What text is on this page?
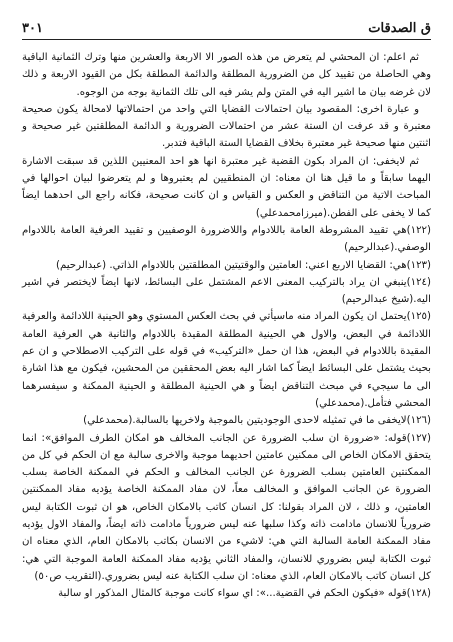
ق الصدقات
٣٠١

ثم اعلم: ان المحشي لم يتعرض من هذه الصور الا الاربعة والعشرين منها وترك الثمانية الباقية وهي الحاصلة من تقييد كل من الضرورية المطلقة والدائمة المطلقة بكل من القيود الاربعة و ذلك لان غرضه بيان ما اشير اليه في المتن ولم يشر فيه الى تلك الثمانية بوجه من الوجوه.

و عبارة اخرى: المقصود بيان احتمالات القضايا التي واحد من احتمالاتها لامحالة يكون صحيحة معتبرة و قد عرفت ان الستة عشر من احتمالات الضرورية و الدائمة المطلقتين غير صحيحة و اثنتين منها صحيحة غير معتبرة بخلاف القضايا الستة الباقية فتدبر.

ثم لايخفى: ان المراد بكون القضية غير معتبرة انها هو احد المعنيين اللذين قد سبقت الاشارة اليهما سابقاً و ما قيل هنا ان معناه: ان المنطقيين لم يعتبروها و لم يتعرضوا لبيان احوالها في المباحث الاتية من التناقض و العكس و القياس و ان كانت صحيحة، فكانه راجع الى احدهما ايضاً كما لا يخفى على الفطن.(ميرزامحمدعلي)

(١٢٢)هي تقييد المشروطة العامة باللادوام واللاضرورة الوصفيين و تقييد العرفية العامة باللادوام الوصفي.(عبدالرحيم)

(١٢٣)هي: القضايا الاربع اعني: العامتين والوقتيتين المطلقتين باللادوام الذاتي. (عبدالرحيم)

(١٢٤)ينبغي ان يراد بالتركيب المعنى الاعم المشتمل على البسائط، لانها ايضاً لايختصر في اشير اليه.(شيخ عبدالرحيم)

(١٢٥)يحتمل ان يكون المراد منه ماسيأتي في بحث العكس المستوي وهو الحينية اللادائمة والعرفية اللادائمة في البعض، والاول هي الحينية المطلقة المقيدة باللادوام والثانية هي العرفية العامة المقيدة باللادوام في البعض، هذا ان حمل «التركيب» في قوله على التركيب الاصطلاحي و ان عم بحيث يشتمل على البسائط ايضاً كما اشار اليه بعض المحققين من المحشين، فيكون مع هذا اشارة الى ما سيجيء في مبحث التناقض ايضاً و هي الحينية المطلقة و الحينية الممكنة و سيفسرهما المحشي فتأمل.(محمدعلي)

(١٢٦)لايخفى ما في تمثيله لاحدى الوجوديتين بالموجبة ولاخريها بالسالبة.(محمدعلي)

(١٢٧)قوله: «ضرورة ان سلب الضرورة عن الجانب المخالف هو امكان الطرف الموافق»: انما يتحقق الامكان الخاص الى ممكنين عامتين احديهما موجبة والاخرى سالبة مع ان الحكم في كل من الممكنتين العامتين بسلب الضرورة عن الجانب المخالف و الحكم في الممكنة الخاصة بسلب الضرورة عن الجانب الموافق و المخالف معاً، لان مفاد الممكنة الخاصة يؤديه مفاد الممكنتين العامتين، و ذلك ، لان المراد بقولنا: كل انسان كاتب بالامكان الخاص، هو ان ثبوت الكتابة ليس ضرورياً للانسان مادامت ذاته وكذا سلبها عنه ليس ضرورياً مادامت ذاته ايضاً، والمفاد الاول يؤديه مفاد الممكنة العامة السالبة التي هي: لاشيء من الانسان بكاتب بالامكان العام، الذي معناه ان ثبوت الكتابة ليس بضروري للانسان، والمفاد الثاني يؤديه مفاد الممكنة العامة الموجبة التي هي: كل انسان كاتب بالامكان العام، الذي معناه: ان سلب الكتابة عنه ليس بضروري.(التقريب ص٥٠)

(١٢٨)قوله «فيكون الحكم في القضية...»: اي سواء كانت موجبة كالمثال المذكور او سالبة
